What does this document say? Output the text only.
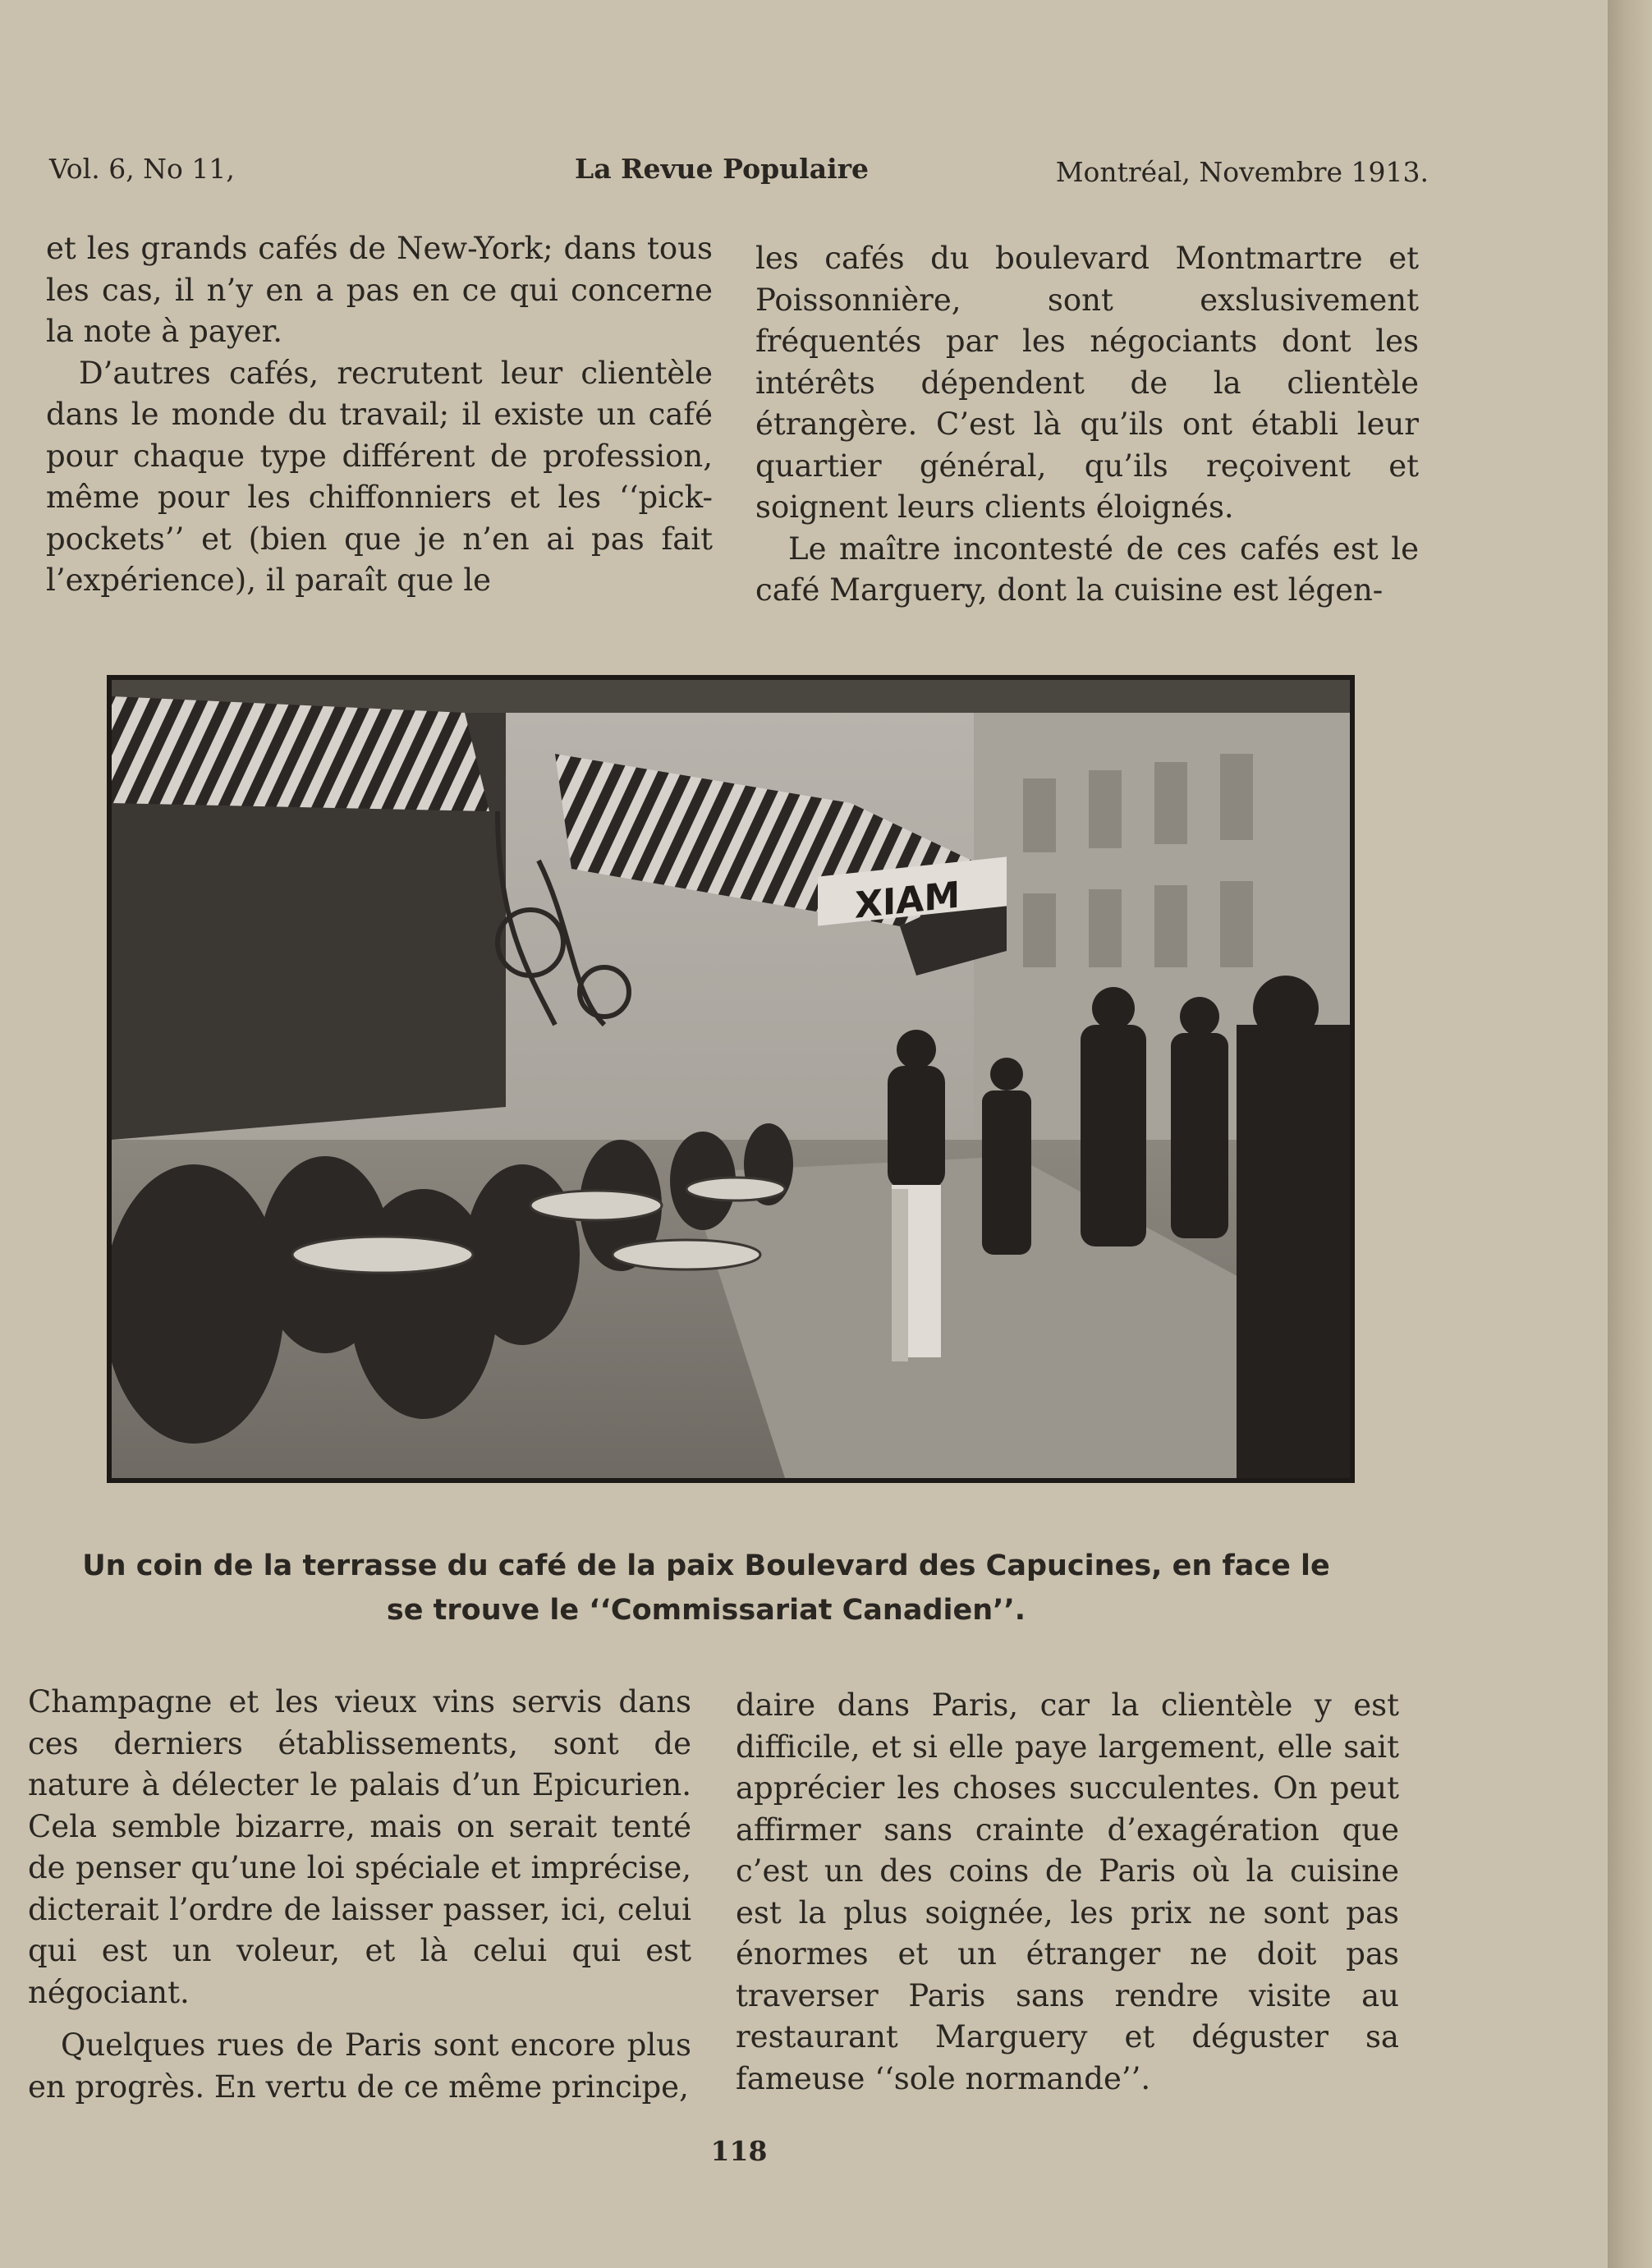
Vol. 6, No 11,	La Revue Populaire	Montréal, Novembre 1913.

et les grands cafés de New-York; dans tous les cas, il n’y en a pas en ce qui concerne la note à payer.

D’autres cafés, recrutent leur clientèle dans le monde du travail; il existe un café pour chaque type différent de profession, même pour les chiffonniers et les ‘‘pick-pockets’’ et (bien que je n’en ai pas fait l’expérience), il paraît que le

les cafés du boulevard Montmartre et Poissonnière, sont exslusivement fréquentés par les négociants dont les intérêts dépendent de la clientèle étrangère. C’est là qu’ils ont établi leur quartier général, qu’ils reçoivent et soignent leurs clients éloignés.

Le maître incontesté de ces cafés est le café Marguery, dont la cuisine est légen-

XIAM
Un coin de la terrasse du café de la paix Boulevard des Capucines, en face le
se trouve le ‘‘Commissariat Canadien’’.

Champagne et les vieux vins servis dans ces derniers établissements, sont de nature à délecter le palais d’un Epicurien. Cela semble bizarre, mais on serait tenté de penser qu’une loi spéciale et imprécise, dicterait l’ordre de laisser passer, ici, celui qui est un voleur, et là celui qui est négociant.

Quelques rues de Paris sont encore plus en progrès. En vertu de ce même principe,

daire dans Paris, car la clientèle y est difficile, et si elle paye largement, elle sait apprécier les choses succulentes. On peut affirmer sans crainte d’exagération que c’est un des coins de Paris où la cuisine est la plus soignée, les prix ne sont pas énormes et un étranger ne doit pas traverser Paris sans rendre visite au restaurant Marguery et déguster sa fameuse ‘‘sole normande’’.

118
